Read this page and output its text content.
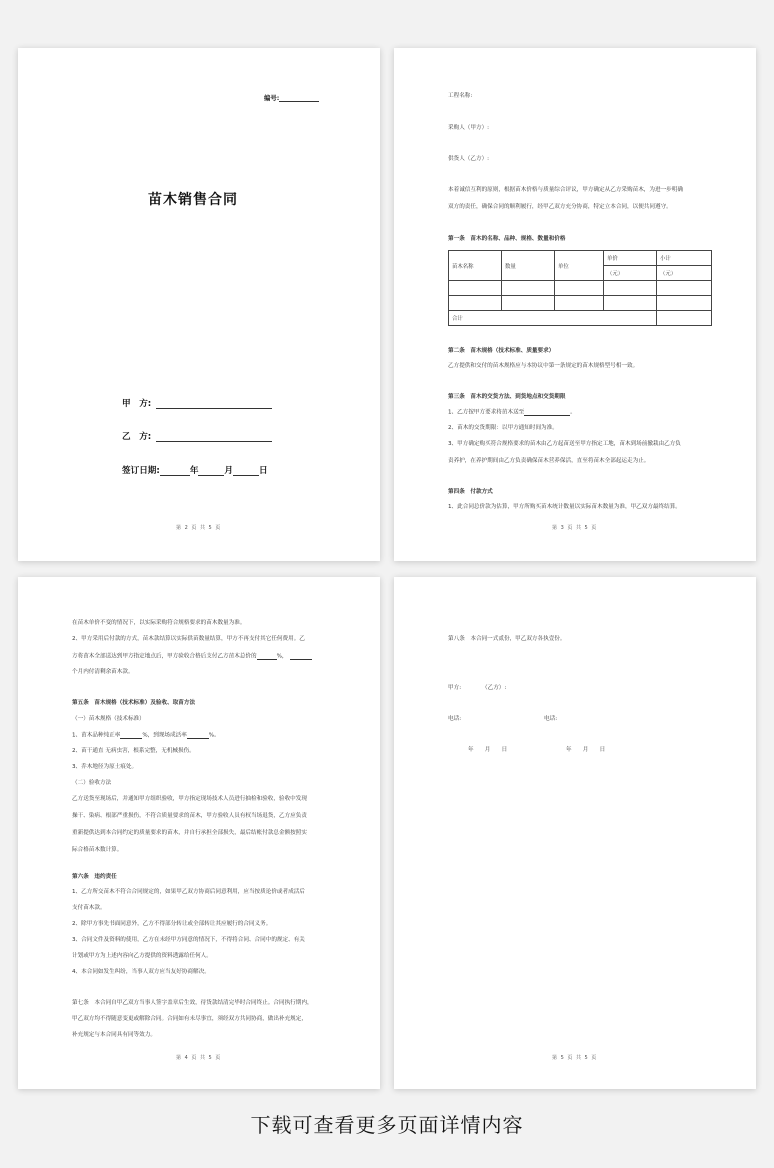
编号:
苗木销售合同
甲　方:
乙　方:
签订日期:	年	月	日
第 2 页 共 5 页
工程名称:
采购人（甲方）:
供货人（乙方）:
本着诚信互利的原则，根据苗木价格与质量综合评议，甲方确定从乙方采购苗木，为进一步明确
双方的责任，确保合同的顺利履行，经甲乙双方充分协商，特定立本合同，以便共同遵守。
第一条　苗木的名称、品种、规格、数量和价格
苗木名称	数量	单位	单价	小计
			（元）	（元）

合计				
第二条　苗木规格（技术标准、质量要求）
乙方提供和交付的苗木规格应与本协议中第一条规定的苗木规格型号相一致。
第三条　苗木的交货方法、到货地点和交货期限
1、乙方按甲方要求将苗木送至	。
2、苗木的交货期限：以甲方通知时间为准。
3、甲方确定购买符合规格要求的苗木由乙方起苗送至甲方指定工地，苗木到场前撤栽由乙方负
责养护，在养护期间由乙方负责确保苗木营养保活，直至将苗木全部起运走为止。
第四条　付款方式
1、此合同总价款为估算，甲方所购买苗木统计数量以实际苗木数量为准，甲乙双方最终结算。
第 3 页 共 5 页
在苗木单价不变的情况下，以实际采购符合规格要求的苗木数量为准。
2、甲方采用后付款的方式，苗木款结算以实际供苗数量结算，甲方不再支付其它任何费用。乙
方将苗木全部送达到甲方指定地点后，甲方验收合格后支付乙方苗木总价的	%，
个月内付清剩余苗木款。
第五条　苗木规格（技术标准）及验收、取苗方法
（一）苗木规格（技术标准）
1、苗木品种纯正率	%，到现场成活率	%。
2、苗干通直 无病虫害，根系完整，无机械损伤。
3、乔木地径为原土痕处。
（二）验收方法
乙方送货至现场后，并通知甲方组织验收，甲方指定现场技术人员进行抽检和验收，验收中发现
操干、染病、根部严重损伤，不符合质量要求的苗木，甲方验收人员有权当场退货，乙方应负责
重新提供达到本合同约定的质量要求的苗木，并自行承担全部损失，最后结帐付款总金额按照实
际合格苗木数计算。
第六条　违约责任
1、乙方所交苗木不符合合同规定的，如果甲乙双方协商后同意利用，应当按质论价或者成活后
支付苗木款。
2、除甲方事先书面同意外，乙方不得部分转让或全部转让其应履行的合同义务。
3、合同文件及资料的使用，乙方在未经甲方同意的情况下，不得将合同、合同中的规定、有关
计划或甲方为上述内容向乙方提供的资料透露给任何人。
4、本合同如发生纠纷，当事人双方应当友好协商解决。
第七条　本合同自甲乙双方当事人签字盖章后生效，待货款结清完毕时合同终止。合同执行期内，
甲乙双方均不得随意变更或解除合同。合同如有未尽事宜，须经双方共同协商，做出补充规定，
补充规定与本合同具有同等效力。
第 4 页 共 5 页
第八条　本合同一式贰份，甲乙双方各执壹份。
甲方:	（乙方）:
电话:	电话:
年　　月　　日	年　　月　　日
第 5 页 共 5 页
下载可查看更多页面详情内容
